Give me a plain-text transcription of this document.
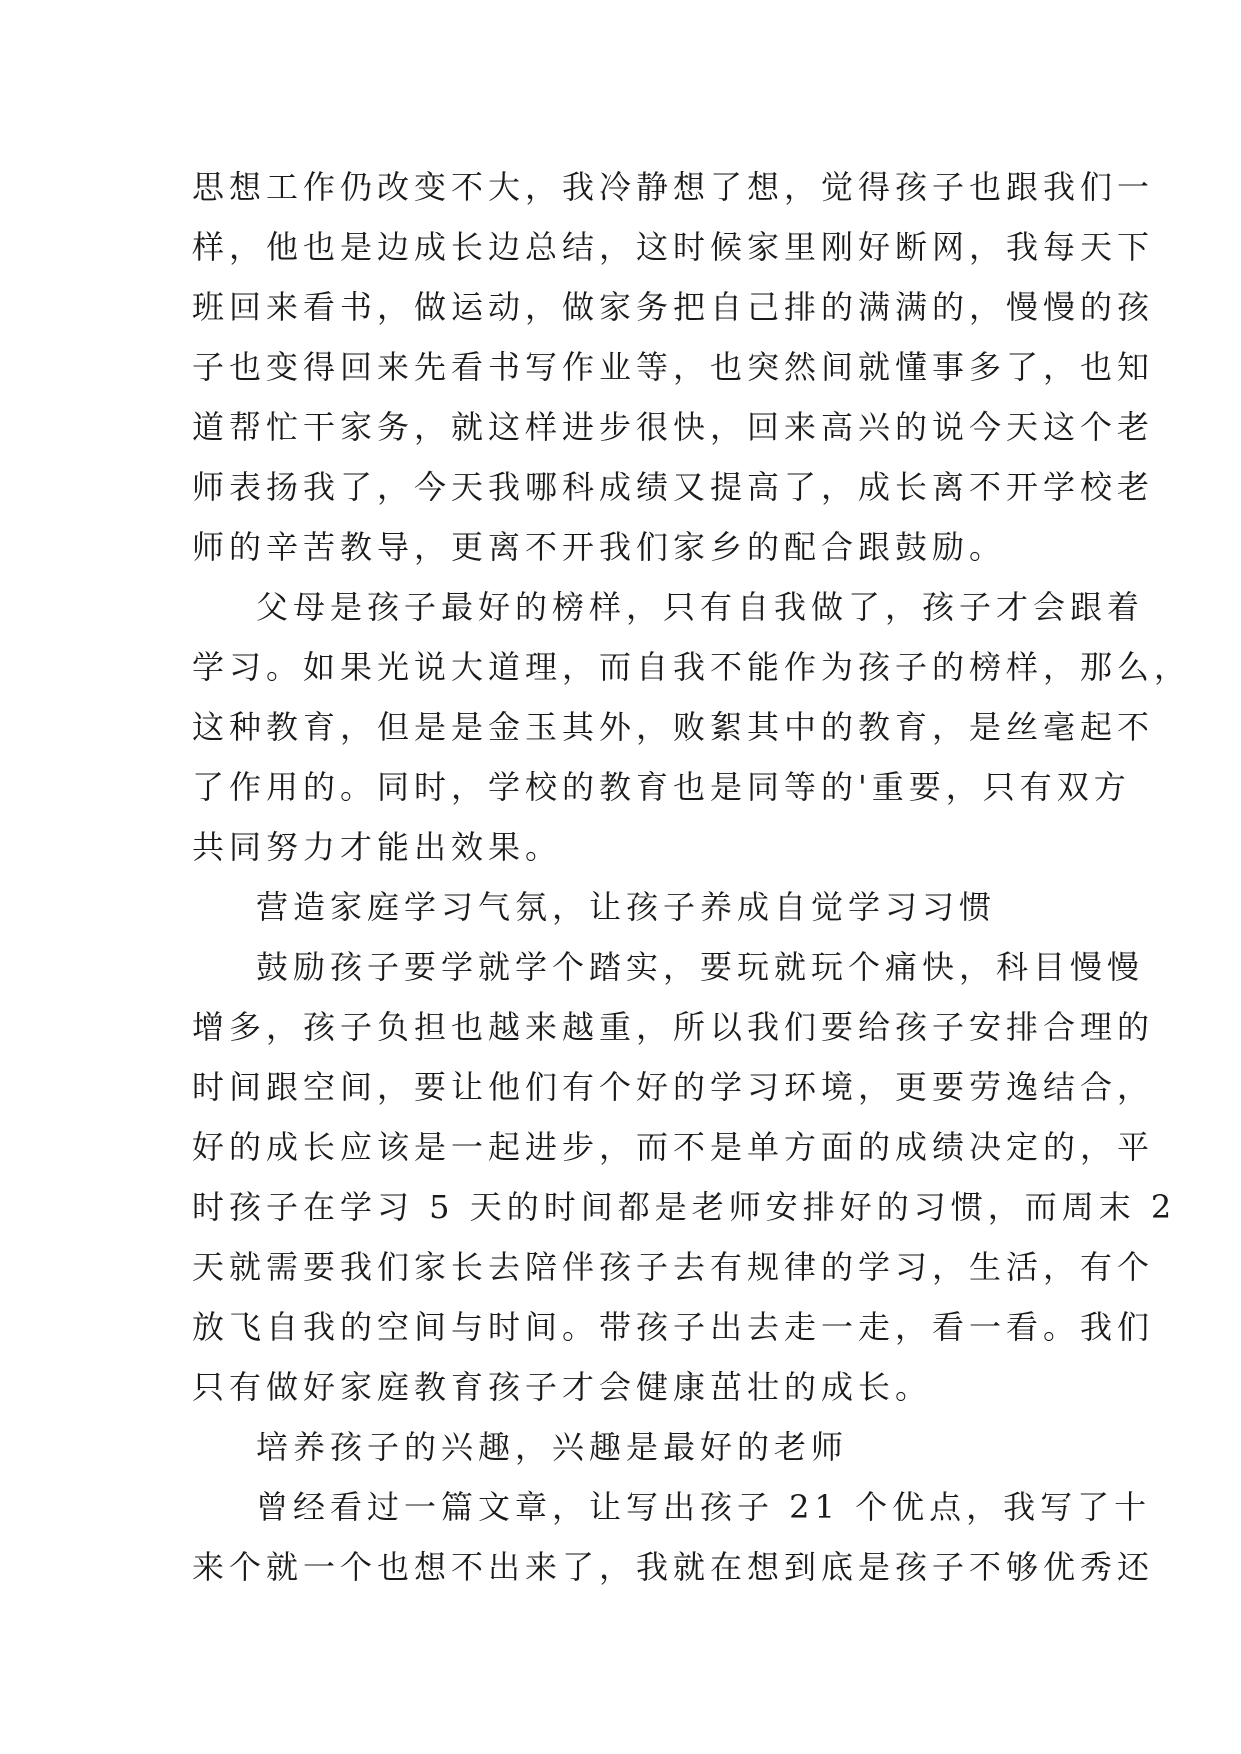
思想工作仍改变不大，我冷静想了想，觉得孩子也跟我们一
样，他也是边成长边总结，这时候家里刚好断网，我每天下
班回来看书，做运动，做家务把自己排的满满的，慢慢的孩
子也变得回来先看书写作业等，也突然间就懂事多了，也知
道帮忙干家务，就这样进步很快，回来高兴的说今天这个老
师表扬我了，今天我哪科成绩又提高了，成长离不开学校老
师的辛苦教导，更离不开我们家乡的配合跟鼓励。
父母是孩子最好的榜样，只有自我做了，孩子才会跟着
学习。如果光说大道理，而自我不能作为孩子的榜样，那么，
这种教育，但是是金玉其外，败絮其中的教育，是丝毫起不
了作用的。同时，学校的教育也是同等的'重要，只有双方
共同努力才能出效果。
营造家庭学习气氛，让孩子养成自觉学习习惯
鼓励孩子要学就学个踏实，要玩就玩个痛快，科目慢慢
增多，孩子负担也越来越重，所以我们要给孩子安排合理的
时间跟空间，要让他们有个好的学习环境，更要劳逸结合，
好的成长应该是一起进步，而不是单方面的成绩决定的，平
时孩子在学习 5 天的时间都是老师安排好的习惯，而周末 2
天就需要我们家长去陪伴孩子去有规律的学习，生活，有个
放飞自我的空间与时间。带孩子出去走一走，看一看。我们
只有做好家庭教育孩子才会健康茁壮的成长。
培养孩子的兴趣，兴趣是最好的老师
曾经看过一篇文章，让写出孩子 21 个优点，我写了十
来个就一个也想不出来了，我就在想到底是孩子不够优秀还
